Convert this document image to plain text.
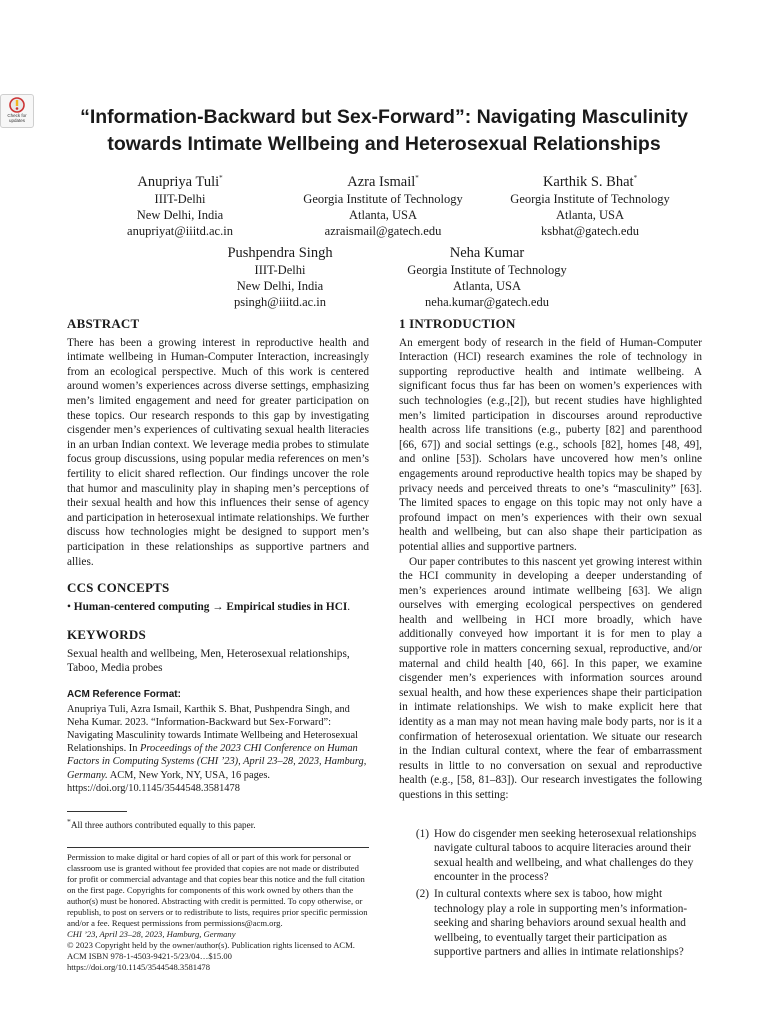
Check for
updates	“Information-Backward but Sex-Forward”: Navigating Masculinity towards Intimate Wellbeing and Heterosexual Relationships
Anupriya Tuli*
IIIT-Delhi
New Delhi, India
anupriyat@iiitd.ac.in
Azra Ismail*
Georgia Institute of Technology
Atlanta, USA
azraismail@gatech.edu
Karthik S. Bhat*
Georgia Institute of Technology
Atlanta, USA
ksbhat@gatech.edu
Pushpendra Singh
IIIT-Delhi
New Delhi, India
psingh@iiitd.ac.in
Neha Kumar
Georgia Institute of Technology
Atlanta, USA
neha.kumar@gatech.edu
ABSTRACT

There has been a growing interest in reproductive health and intimate wellbeing in Human-Computer Interaction, increasingly from an ecological perspective. Much of this work is centered around women’s experiences across diverse settings, emphasizing men’s limited engagement and need for greater participation on these topics. Our research responds to this gap by investigating cisgender men’s experiences of cultivating sexual health literacies in an urban Indian context. We leverage media probes to stimulate focus group discussions, using popular media references on men’s fertility to elicit shared reflection. Our findings uncover the role that humor and masculinity play in shaping men’s perceptions of their sexual health and how this influences their sense of agency and participation in heterosexual intimate relationships. We further discuss how technologies might be designed to support men’s participation in these relationships as supportive partners and allies.

CCS CONCEPTS

• Human-centered computing → Empirical studies in HCI.

KEYWORDS

Sexual health and wellbeing, Men, Heterosexual relationships, Taboo, Media probes

ACM Reference Format:

Anupriya Tuli, Azra Ismail, Karthik S. Bhat, Pushpendra Singh, and Neha Kumar. 2023. “Information-Backward but Sex-Forward”: Navigating Masculinity towards Intimate Wellbeing and Heterosexual Relationships. In Proceedings of the 2023 CHI Conference on Human Factors in Computing Systems (CHI ’23), April 23–28, 2023, Hamburg, Germany. ACM, New York, NY, USA, 16 pages. https://doi.org/10.1145/3544548.3581478

*All three authors contributed equally to this paper.

Permission to make digital or hard copies of all or part of this work for personal or classroom use is granted without fee provided that copies are not made or distributed for profit or commercial advantage and that copies bear this notice and the full citation on the first page. Copyrights for components of this work owned by others than the author(s) must be honored. Abstracting with credit is permitted. To copy otherwise, or republish, to post on servers or to redistribute to lists, requires prior specific permission and/or a fee. Request permissions from permissions@acm.org.

CHI ’23, April 23–28, 2023, Hamburg, Germany

© 2023 Copyright held by the owner/author(s). Publication rights licensed to ACM.

ACM ISBN 978-1-4503-9421-5/23/04…$15.00

https://doi.org/10.1145/3544548.3581478

1 INTRODUCTION

An emergent body of research in the field of Human-Computer Interaction (HCI) research examines the role of technology in supporting reproductive health and intimate wellbeing. A significant focus thus far has been on women’s experiences with such technologies (e.g.,[2]), but recent studies have highlighted men’s limited participation in discourses around reproductive health across life transitions (e.g., puberty [82] and parenthood [66, 67]) and social settings (e.g., schools [82], homes [48, 49], and online [53]). Scholars have uncovered how men’s online engagements around reproductive health topics may be shaped by privacy needs and perceived threats to one’s “masculinity” [63]. The limited spaces to engage on this topic may not only have a profound impact on men’s experiences with their own sexual health and wellbeing, but can also shape their participation as potential allies and supportive partners.

Our paper contributes to this nascent yet growing interest within the HCI community in developing a deeper understanding of men’s experiences around intimate wellbeing [63]. We align ourselves with emerging ecological perspectives on gendered health and wellbeing in HCI more broadly, which have additionally conveyed how important it is for men to play a supportive role in matters concerning sexual, reproductive, and/or maternal and child health [40, 66]. In this paper, we examine cisgender men’s experiences with information sources around sexual health, and how these experiences shape their participation in intimate relationships. We wish to make explicit here that identity as a man may not mean having male body parts, nor is it a confirmation of heterosexual orientation. We situate our research in the Indian cultural context, where the fear of embarrassment results in little to no conversation on sexual and reproductive health (e.g., [58, 81–83]). Our research investigates the following questions in this setting:

(1) How do cisgender men seeking heterosexual relationships navigate cultural taboos to acquire literacies around their sexual health and wellbeing, and what challenges do they encounter in the process?
(2) In cultural contexts where sex is taboo, how might technology play a role in supporting men’s information-seeking and sharing behaviors around sexual health and wellbeing, to eventually target their participation as supportive partners and allies in intimate relationships?
